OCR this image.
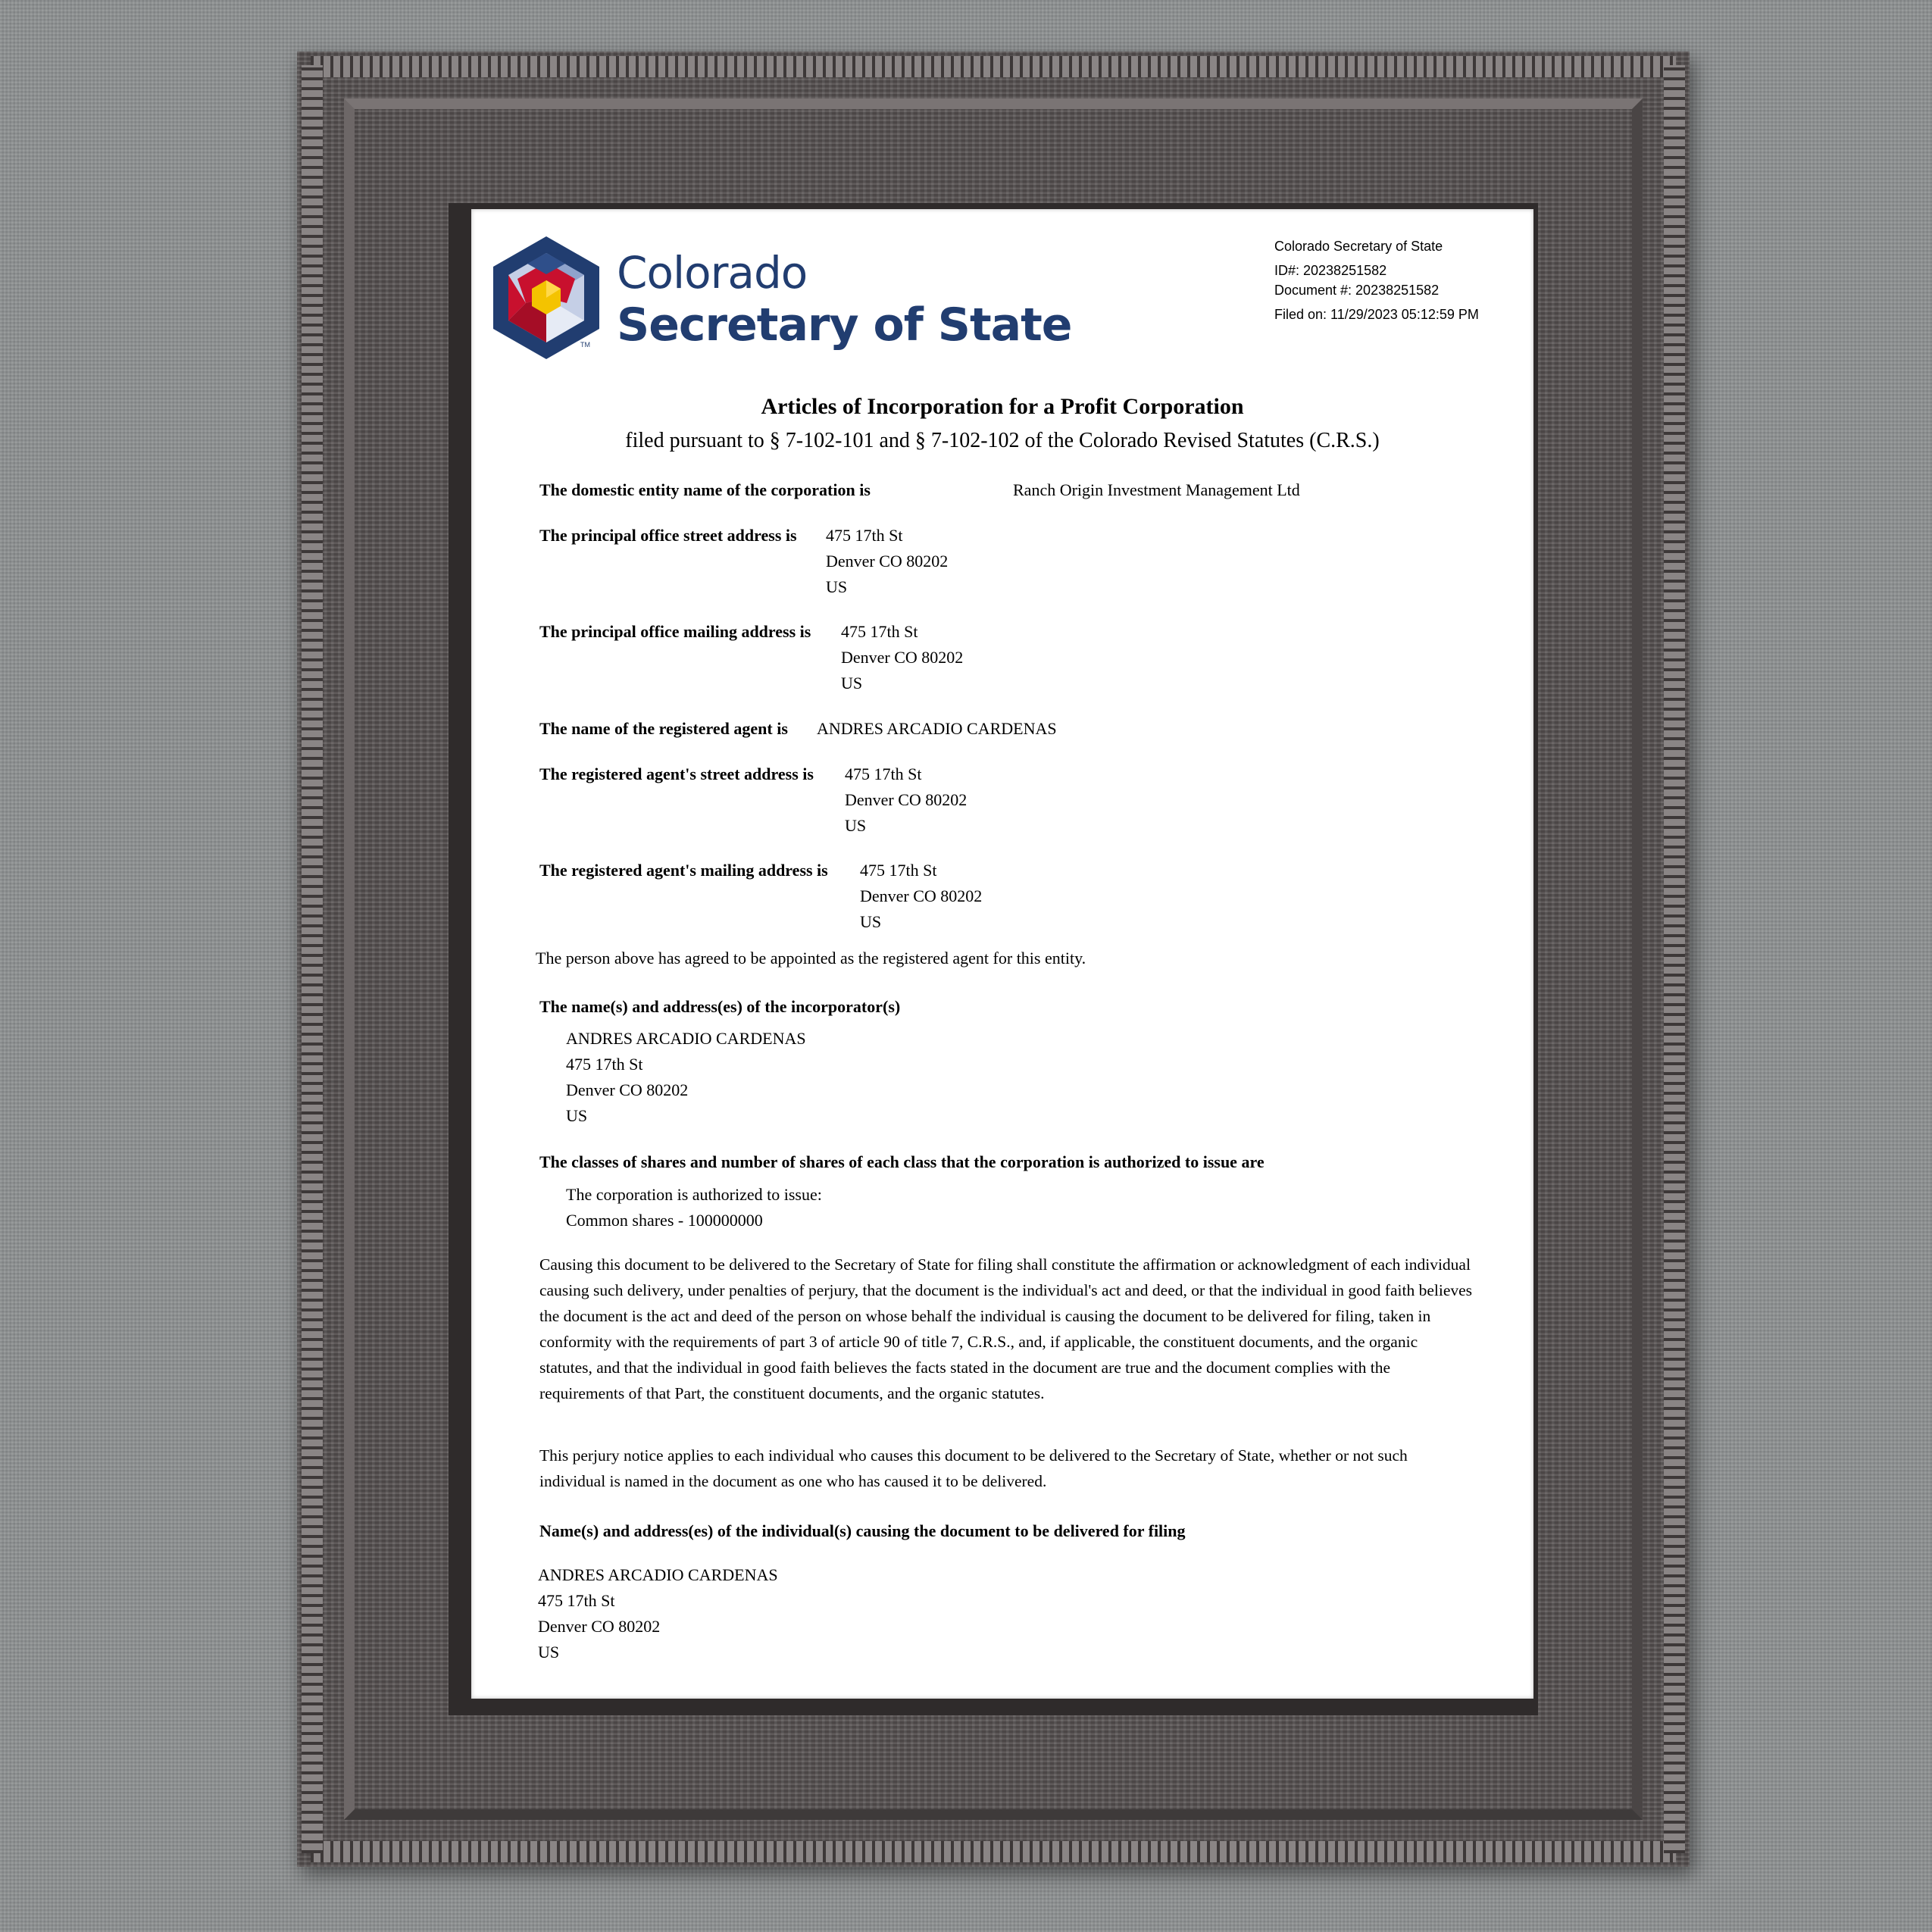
Colorado
Secretary of State
TM
Colorado Secretary of State
ID#: 20238251582
Document #: 20238251582
Filed on: 11/29/2023 05:12:59 PM
Articles of Incorporation for a Profit Corporation
filed pursuant to § 7-102-101 and § 7-102-102 of the Colorado Revised Statutes (C.R.S.)
The domestic entity name of the corporation is	Ranch Origin Investment Management Ltd
The principal office street address is 475 17th St
Denver CO 80202
US
The principal office mailing address is 475 17th St
Denver CO 80202
US
The name of the registered agent is ANDRES ARCADIO CARDENAS
The registered agent's street address is 475 17th St
Denver CO 80202
US
The registered agent's mailing address is 475 17th St
Denver CO 80202
US
The person above has agreed to be appointed as the registered agent for this entity.
The name(s) and address(es) of the incorporator(s)
ANDRES ARCADIO CARDENAS
475 17th St
Denver CO 80202
US
The classes of shares and number of shares of each class that the corporation is authorized to issue are
The corporation is authorized to issue:
Common shares - 100000000
Causing this document to be delivered to the Secretary of State for filing shall constitute the affirmation or acknowledgment of each individual causing such delivery, under penalties of perjury, that the document is the individual's act and deed, or that the individual in good faith believes the document is the act and deed of the person on whose behalf the individual is causing the document to be delivered for filing, taken in conformity with the requirements of part 3 of article 90 of title 7, C.R.S., and, if applicable, the constituent documents, and the organic statutes, and that the individual in good faith believes the facts stated in the document are true and the document complies with the requirements of that Part, the constituent documents, and the organic statutes.
This perjury notice applies to each individual who causes this document to be delivered to the Secretary of State, whether or not such individual is named in the document as one who has caused it to be delivered.
Name(s) and address(es) of the individual(s) causing the document to be delivered for filing
ANDRES ARCADIO CARDENAS
475 17th St
Denver CO 80202
US
